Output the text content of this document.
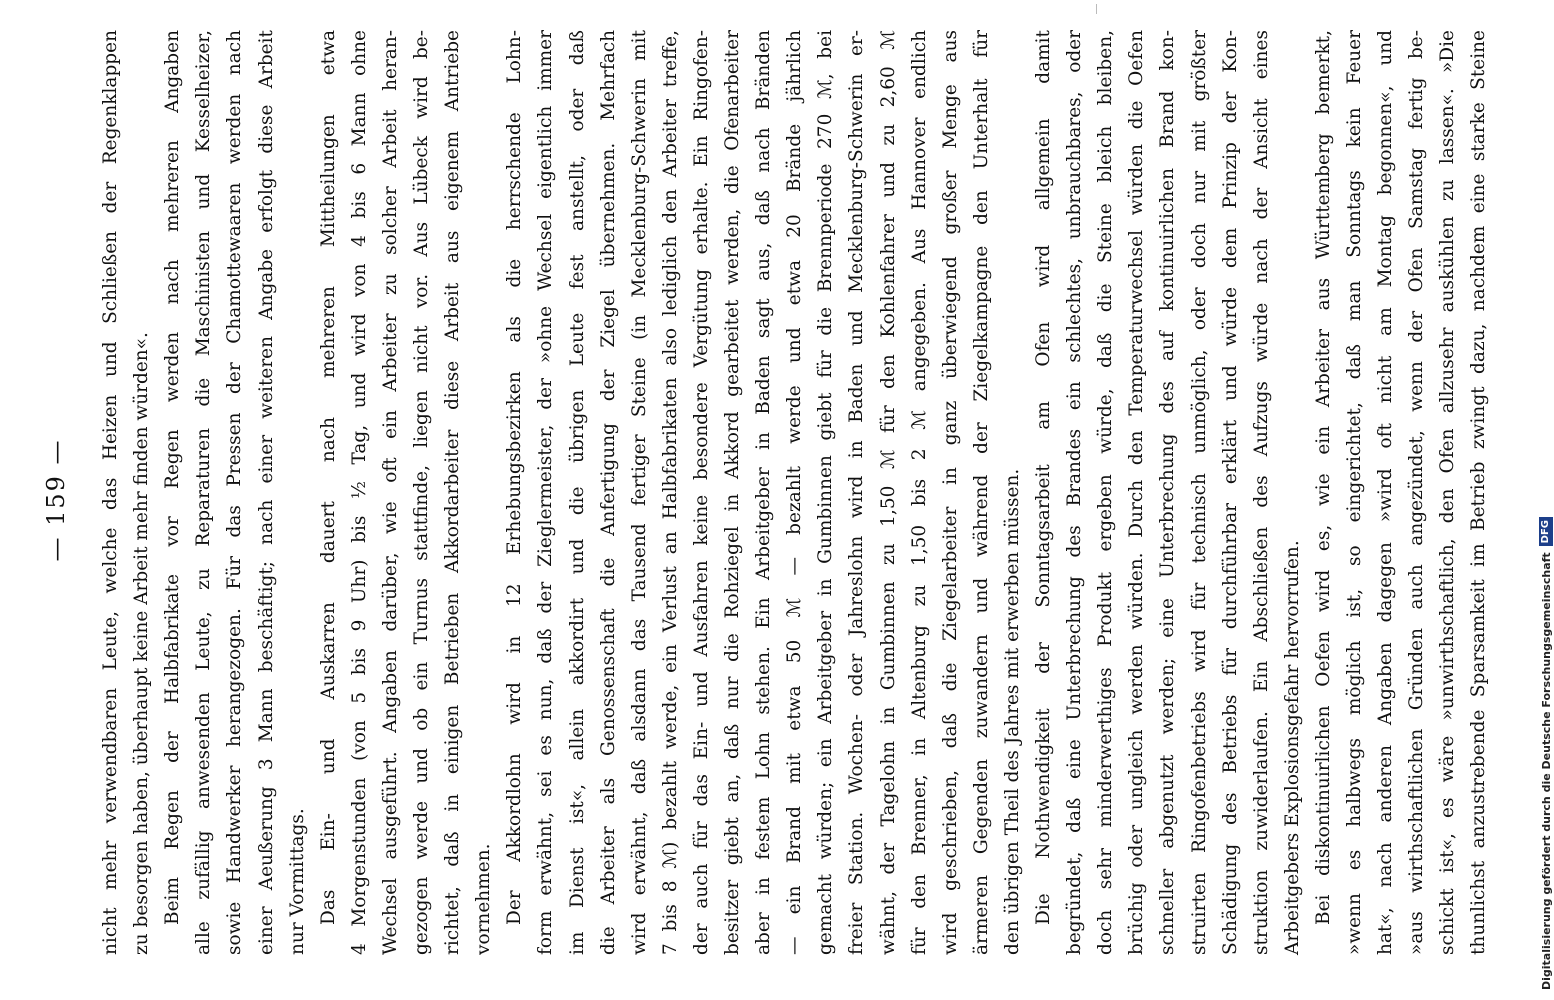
— 159 — nicht mehr verwendbaren Leute, welche das Heizen und Schließen der Regenklappen zu besorgen haben, überhaupt keine Arbeit mehr finden würden«. Beim Regen der Halbfabrikate vor Regen werden nach mehreren Angaben alle zufällig anwesenden Leute, zu Reparaturen die Maschinisten und Kesselheizer, sowie Handwerker herangezogen. Für das Pressen der Chamottewaaren werden nach einer Aeußerung 3 Mann beschäftigt; nach einer weiteren Angabe erfolgt diese Arbeit nur Vormittags. Das Ein- und Auskarren dauert nach mehreren Mittheilungen etwa 4 Morgenstunden (von 5 bis 9 Uhr) bis ½ Tag, und wird von 4 bis 6 Mann ohne Wechsel ausgeführt. Angaben darüber, wie oft ein Arbeiter zu solcher Arbeit heran- gezogen werde und ob ein Turnus stattfinde, liegen nicht vor. Aus Lübeck wird be- richtet, daß in einigen Betrieben Akkordarbeiter diese Arbeit aus eigenem Antriebe vornehmen. Der Akkordlohn wird in 12 Erhebungsbezirken als die herrschende Lohn- form erwähnt, sei es nun, daß der Zieglermeister, der »ohne Wechsel eigentlich immer im Dienst ist«, allein akkordirt und die übrigen Leute fest anstellt, oder daß die Arbeiter als Genossenschaft die Anfertigung der Ziegel übernehmen. Mehrfach wird erwähnt, daß alsdann das Tausend fertiger Steine (in Mecklenburg-Schwerin mit 7 bis 8 ℳ) bezahlt werde, ein Verlust an Halbfabrikaten also lediglich den Arbeiter treffe, der auch für das Ein- und Ausfahren keine besondere Vergütung erhalte. Ein Ringofen- besitzer giebt an, daß nur die Rohziegel in Akkord gearbeitet werden, die Ofenarbeiter aber in festem Lohn stehen. Ein Arbeitgeber in Baden sagt aus, daß nach Bränden — ein Brand mit etwa 50 ℳ — bezahlt werde und etwa 20 Brände jährlich gemacht würden; ein Arbeitgeber in Gumbinnen giebt für die Brennperiode 270 ℳ, bei freier Station. Wochen- oder Jahreslohn wird in Baden und Mecklenburg-Schwerin er- wähnt, der Tagelohn in Gumbinnen zu 1,50 ℳ für den Kohlenfahrer und zu 2,60 ℳ für den Brenner, in Altenburg zu 1,50 bis 2 ℳ angegeben. Aus Hannover endlich wird geschrieben, daß die Ziegelarbeiter in ganz überwiegend großer Menge aus ärmeren Gegenden zuwandern und während der Ziegelkampagne den Unterhalt für den übrigen Theil des Jahres mit erwerben müssen. Die Nothwendigkeit der Sonntagsarbeit am Ofen wird allgemein damit begründet, daß eine Unterbrechung des Brandes ein schlechtes, unbrauchbares, oder doch sehr minderwerthiges Produkt ergeben würde, daß die Steine bleich bleiben, brüchig oder ungleich werden würden. Durch den Temperaturwechsel würden die Oefen schneller abgenutzt werden; eine Unterbrechung des auf kontinuirlichen Brand kon- struirten Ringofenbetriebs wird für technisch unmöglich, oder doch nur mit größter Schädigung des Betriebs für durchführbar erklärt und würde dem Prinzip der Kon- struktion zuwiderlaufen. Ein Abschließen des Aufzugs würde nach der Ansicht eines Arbeitgebers Explosionsgefahr hervorrufen. Bei diskontinuirlichen Oefen wird es, wie ein Arbeiter aus Württemberg bemerkt, »wenn es halbwegs möglich ist, so eingerichtet, daß man Sonntags kein Feuer hat«, nach anderen Angaben dagegen »wird oft nicht am Montag begonnen«, und »aus wirthschaftlichen Gründen auch angezündet, wenn der Ofen Samstag fertig be- schickt ist«, es wäre »unwirthschaftlich, den Ofen allzusehr auskühlen zu lassen«. »Die thunlichst anzustrebende Sparsamkeit im Betrieb zwingt dazu, nachdem eine starke Steine	Digitalisierung gefördert durch die Deutsche Forschungsgemeinschaft
DFG
